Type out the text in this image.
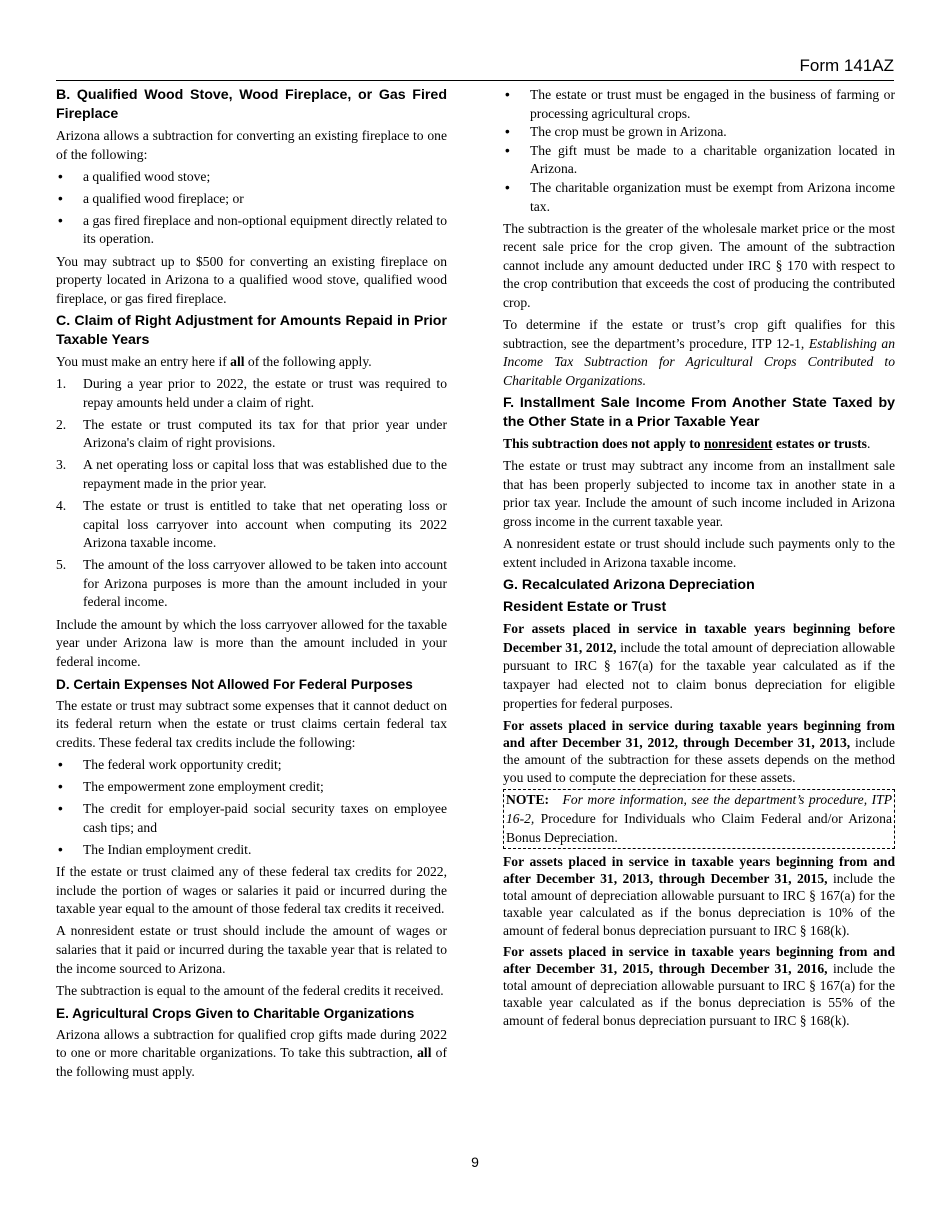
Form 141AZ
B. Qualified Wood Stove, Wood Fireplace, or Gas Fired Fireplace

Arizona allows a subtraction for converting an existing fireplace to one of the following:

• a qualified wood stove;
• a qualified wood fireplace; or
• a gas fired fireplace and non-optional equipment directly related to its operation.

You may subtract up to $500 for converting an existing fireplace on property located in Arizona to a qualified wood stove, qualified wood fireplace, or gas fired fireplace.

C. Claim of Right Adjustment for Amounts Repaid in Prior Taxable Years

You must make an entry here if all of the following apply.

1. During a year prior to 2022, the estate or trust was required to repay amounts held under a claim of right.
2. The estate or trust computed its tax for that prior year under Arizona's claim of right provisions.
3. A net operating loss or capital loss that was established due to the repayment made in the prior year.
4. The estate or trust is entitled to take that net operating loss or capital loss carryover into account when computing its 2022 Arizona taxable income.
5. The amount of the loss carryover allowed to be taken into account for Arizona purposes is more than the amount included in your federal income.

Include the amount by which the loss carryover allowed for the taxable year under Arizona law is more than the amount included in your federal income.

D. Certain Expenses Not Allowed For Federal Purposes

The estate or trust may subtract some expenses that it cannot deduct on its federal return when the estate or trust claims certain federal tax credits. These federal tax credits include the following:

• The federal work opportunity credit;
• The empowerment zone employment credit;
• The credit for employer-paid social security taxes on employee cash tips; and
• The Indian employment credit.

If the estate or trust claimed any of these federal tax credits for 2022, include the portion of wages or salaries it paid or incurred during the taxable year equal to the amount of those federal tax credits it received.

A nonresident estate or trust should include the amount of wages or salaries that it paid or incurred during the taxable year that is related to the income sourced to Arizona.

The subtraction is equal to the amount of the federal credits it received.

E. Agricultural Crops Given to Charitable Organizations

Arizona allows a subtraction for qualified crop gifts made during 2022 to one or more charitable organizations. To take this subtraction, all of the following must apply.

• The estate or trust must be engaged in the business of farming or processing agricultural crops.
• The crop must be grown in Arizona.
• The gift must be made to a charitable organization located in Arizona.
• The charitable organization must be exempt from Arizona income tax.

The subtraction is the greater of the wholesale market price or the most recent sale price for the crop given. The amount of the subtraction cannot include any amount deducted under IRC § 170 with respect to the crop contribution that exceeds the cost of producing the contributed crop.

To determine if the estate or trust’s crop gift qualifies for this subtraction, see the department’s procedure, ITP 12-1, Establishing an Income Tax Subtraction for Agricultural Crops Contributed to Charitable Organizations.

F. Installment Sale Income From Another State Taxed by the Other State in a Prior Taxable Year

This subtraction does not apply to nonresident estates or trusts.

The estate or trust may subtract any income from an installment sale that has been properly subjected to income tax in another state in a prior tax year. Include the amount of such income included in Arizona gross income in the current taxable year.

A nonresident estate or trust should include such payments only to the extent included in Arizona taxable income.

G. Recalculated Arizona Depreciation
Resident Estate or Trust

For assets placed in service in taxable years beginning before December 31, 2012, include the total amount of depreciation allowable pursuant to IRC § 167(a) for the taxable year calculated as if the taxpayer had elected not to claim bonus depreciation for eligible properties for federal purposes.

For assets placed in service during taxable years beginning from and after December 31, 2012, through December 31, 2013, include the amount of the subtraction for these assets depends on the method you used to compute the depreciation for these assets.

NOTE: For more information, see the department’s procedure, ITP 16-2, Procedure for Individuals who Claim Federal and/or Arizona Bonus Depreciation.

For assets placed in service in taxable years beginning from and after December 31, 2013, through December 31, 2015, include the total amount of depreciation allowable pursuant to IRC § 167(a) for the taxable year calculated as if the bonus depreciation is 10% of the amount of federal bonus depreciation pursuant to IRC § 168(k).

For assets placed in service in taxable years beginning from and after December 31, 2015, through December 31, 2016, include the total amount of depreciation allowable pursuant to IRC § 167(a) for the taxable year calculated as if the bonus depreciation is 55% of the amount of federal bonus depreciation pursuant to IRC § 168(k).

9
